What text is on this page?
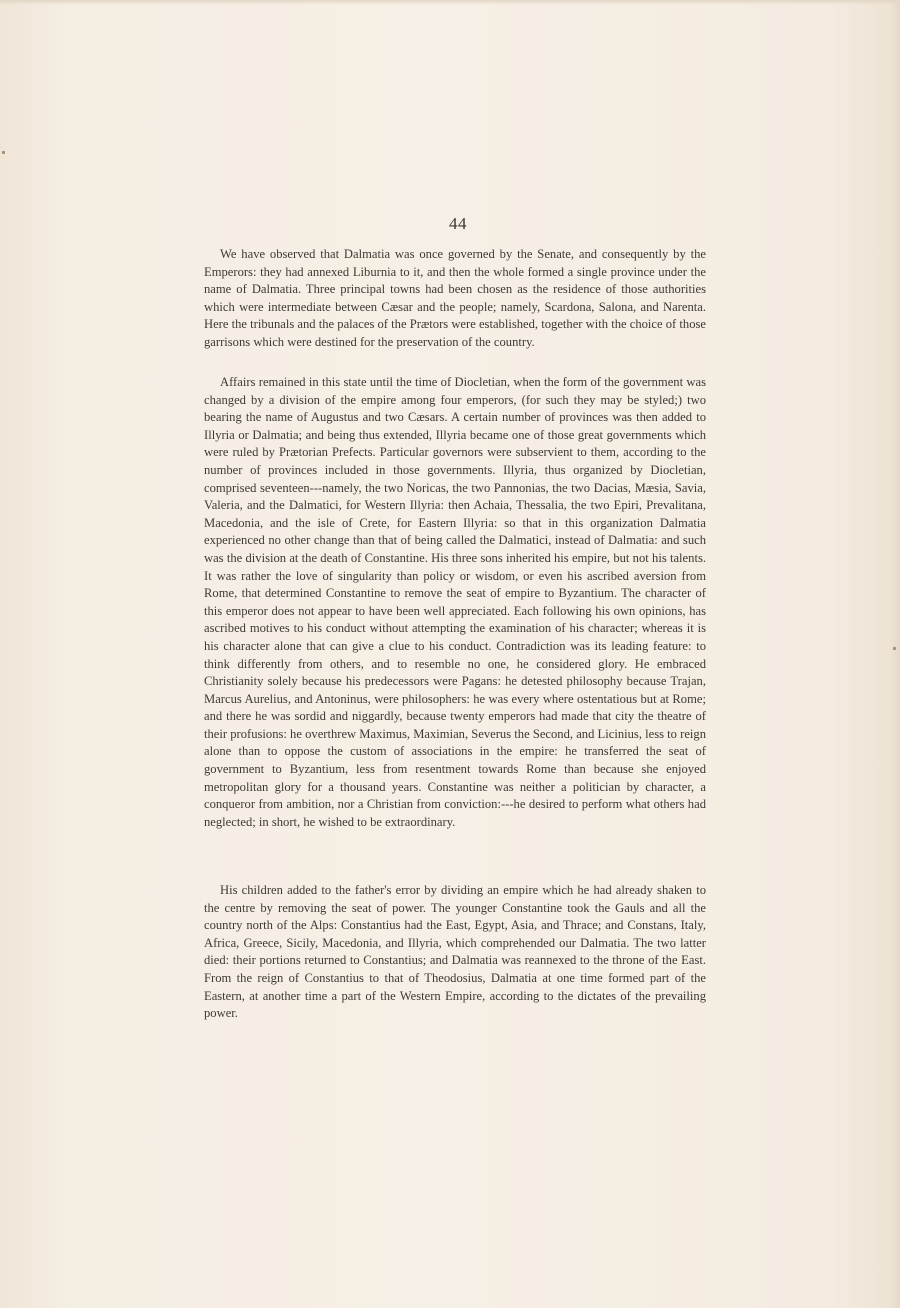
44

We have observed that Dalmatia was once governed by the Senate, and consequently by the Emperors: they had annexed Liburnia to it, and then the whole formed a single province under the name of Dalmatia. Three principal towns had been chosen as the residence of those authorities which were intermediate between Cæsar and the people; namely, Scardona, Salona, and Narenta. Here the tribunals and the palaces of the Prætors were established, together with the choice of those garrisons which were destined for the preservation of the country.

Affairs remained in this state until the time of Diocletian, when the form of the government was changed by a division of the empire among four emperors, (for such they may be styled;) two bearing the name of Augustus and two Cæsars. A certain number of provinces was then added to Illyria or Dalmatia; and being thus extended, Illyria became one of those great governments which were ruled by Prætorian Prefects. Particular governors were subservient to them, according to the number of provinces included in those governments. Illyria, thus organized by Diocletian, comprised seventeen---namely, the two Noricas, the two Pannonias, the two Dacias, Mæsia, Savia, Valeria, and the Dalmatici, for Western Illyria: then Achaia, Thessalia, the two Epiri, Prevalitana, Macedonia, and the isle of Crete, for Eastern Illyria: so that in this organization Dalmatia experienced no other change than that of being called the Dalmatici, instead of Dalmatia: and such was the division at the death of Constantine. His three sons inherited his empire, but not his talents. It was rather the love of singularity than policy or wisdom, or even his ascribed aversion from Rome, that determined Constantine to remove the seat of empire to Byzantium. The character of this emperor does not appear to have been well appreciated. Each following his own opinions, has ascribed motives to his conduct without attempting the examination of his character; whereas it is his character alone that can give a clue to his conduct. Contradiction was its leading feature: to think differently from others, and to resemble no one, he considered glory. He embraced Christianity solely because his predecessors were Pagans: he detested philosophy because Trajan, Marcus Aurelius, and Antoninus, were philosophers: he was every where ostentatious but at Rome; and there he was sordid and niggardly, because twenty emperors had made that city the theatre of their profusions: he overthrew Maximus, Maximian, Severus the Second, and Licinius, less to reign alone than to oppose the custom of associations in the empire: he transferred the seat of government to Byzantium, less from resentment towards Rome than because she enjoyed metropolitan glory for a thousand years. Constantine was neither a politician by character, a conqueror from ambition, nor a Christian from conviction:---he desired to perform what others had neglected; in short, he wished to be extraordinary.

His children added to the father's error by dividing an empire which he had already shaken to the centre by removing the seat of power. The younger Constantine took the Gauls and all the country north of the Alps: Constantius had the East, Egypt, Asia, and Thrace; and Constans, Italy, Africa, Greece, Sicily, Macedonia, and Illyria, which comprehended our Dalmatia. The two latter died: their portions returned to Constantius; and Dalmatia was reannexed to the throne of the East. From the reign of Constantius to that of Theodosius, Dalmatia at one time formed part of the Eastern, at another time a part of the Western Empire, according to the dictates of the prevailing power.
